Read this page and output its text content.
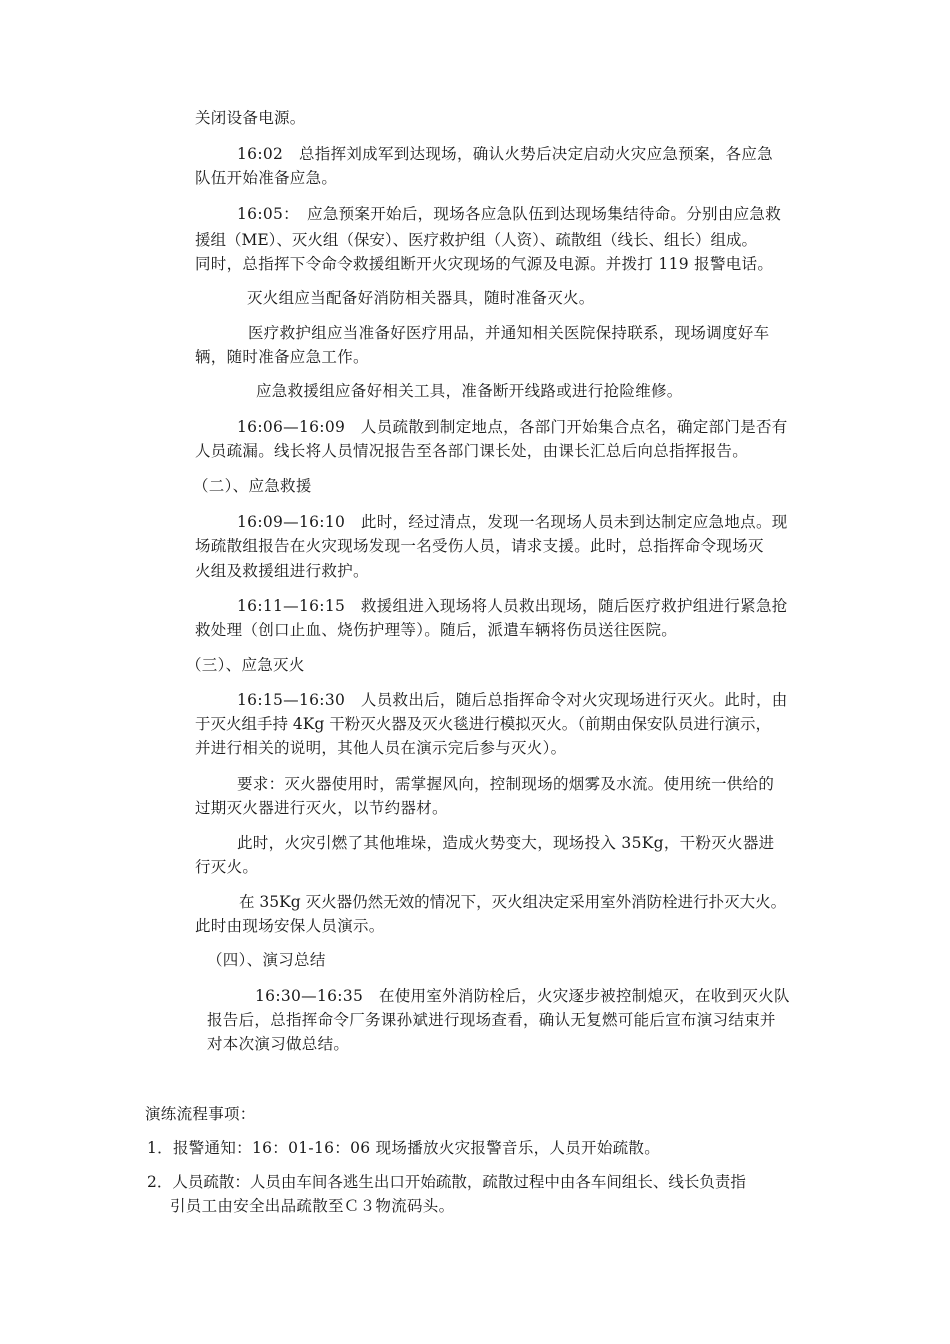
关闭设备电源。
16:02　总指挥刘成军到达现场，确认火势后决定启动火灾应急预案，各应急
队伍开始准备应急。
16:05：　应急预案开始后，现场各应急队伍到达现场集结待命。分别由应急救
援组（ME）、灭火组（保安）、医疗救护组（人资）、疏散组（线长、组长）组成。
同时，总指挥下令命令救援组断开火灾现场的气源及电源。并拨打 119 报警电话。
灭火组应当配备好消防相关器具，随时准备灭火。
医疗救护组应当准备好医疗用品，并通知相关医院保持联系，现场调度好车
辆，随时准备应急工作。
应急救援组应备好相关工具，准备断开线路或进行抢险维修。
16:06—16:09　人员疏散到制定地点，各部门开始集合点名，确定部门是否有
人员疏漏。线长将人员情况报告至各部门课长处，由课长汇总后向总指挥报告。
（二）、应急救援
16:09—16:10　此时，经过清点，发现一名现场人员未到达制定应急地点。现
场疏散组报告在火灾现场发现一名受伤人员，请求支援。此时，总指挥命令现场灭
火组及救援组进行救护。
16:11—16:15　救援组进入现场将人员救出现场，随后医疗救护组进行紧急抢
救处理（创口止血、烧伤护理等）。随后，派遣车辆将伤员送往医院。
（三）、应急灭火
16:15—16:30　人员救出后，随后总指挥命令对火灾现场进行灭火。此时，由
于灭火组手持 4Kg 干粉灭火器及灭火毯进行模拟灭火。（前期由保安队员进行演示，
并进行相关的说明，其他人员在演示完后参与灭火）。
要求：灭火器使用时，需掌握风向，控制现场的烟雾及水流。使用统一供给的
过期灭火器进行灭火，以节约器材。
此时，火灾引燃了其他堆垛，造成火势变大，现场投入 35Kg，干粉灭火器进
行灭火。
在 35Kg 灭火器仍然无效的情况下，灭火组决定采用室外消防栓进行扑灭大火。
此时由现场安保人员演示。
（四）、演习总结
16:30—16:35　在使用室外消防栓后，火灾逐步被控制熄灭，在收到灭火队
报告后，总指挥命令厂务课孙斌进行现场查看，确认无复燃可能后宣布演习结束并
对本次演习做总结。
演练流程事项：
1．报警通知：16：01-16：06 现场播放火灾报警音乐，人员开始疏散。
2．人员疏散：人员由车间各逃生出口开始疏散，疏散过程中由各车间组长、线长负责指
引员工由安全出品疏散至Ｃ３物流码头。
